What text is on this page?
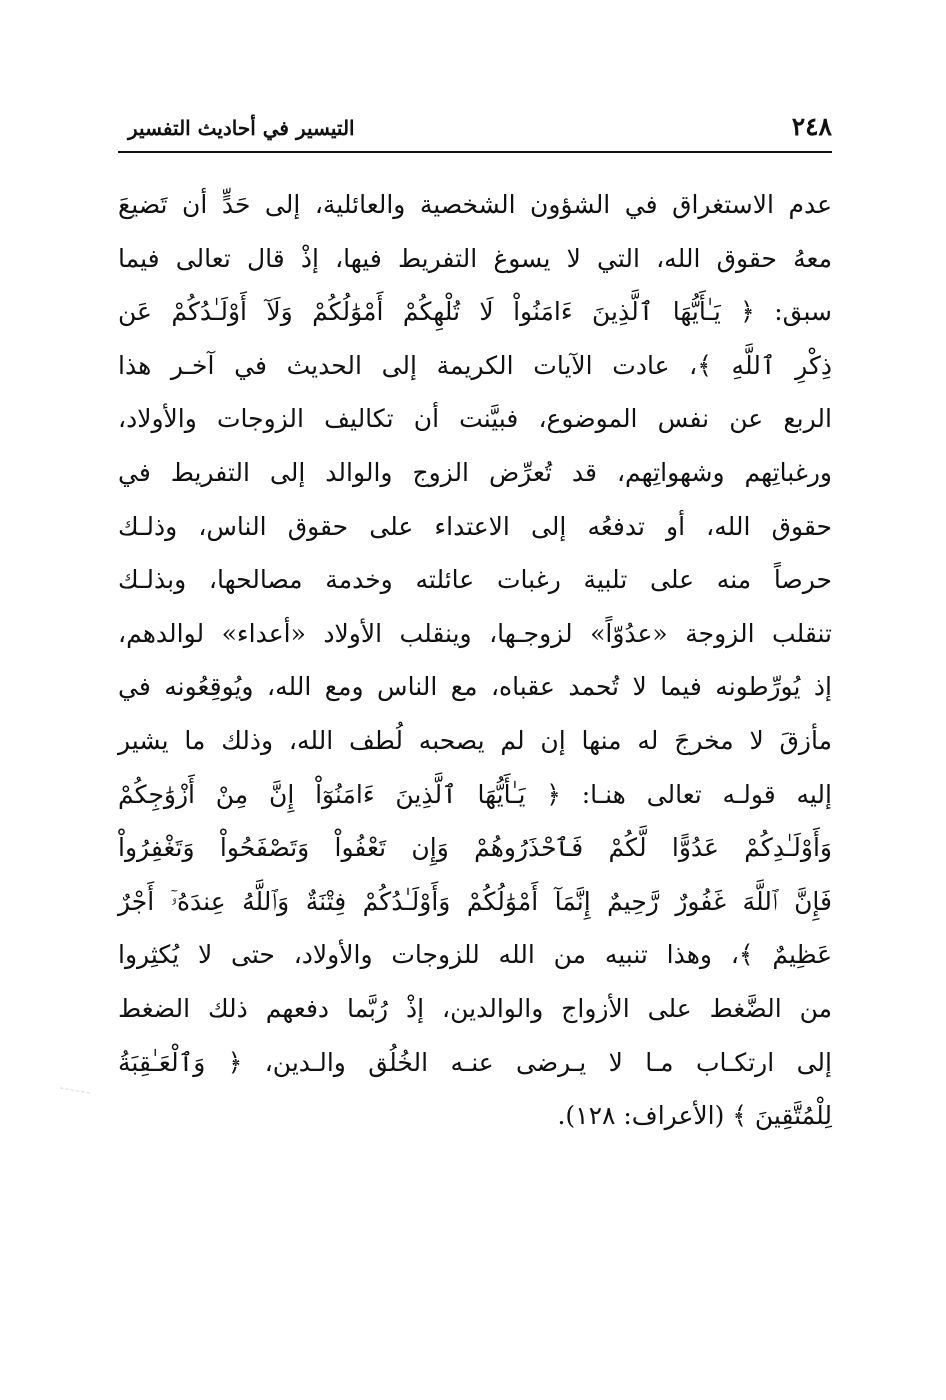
٢٤٨
التيسير في أحاديث التفسير
عدم الاستغراق في الشؤون الشخصية والعائلية، إلى حَدٍّ أن تَضيعَ
معهُ حقوق الله، التي لا يسوغ التفريط فيها، إذْ قال تعالى فيما
سبق: ﴿ يَـٰأَيُّهَا ٱلَّذِينَ ءَامَنُواْ لَا تُلْهِكُمْ أَمْوَٰلُكُمْ وَلَآ أَوْلَـٰدُكُمْ عَن
ذِكْرِ ٱللَّهِ ﴾، عادت الآيات الكريمة إلى الحديث في آخـر هذا
الربع عن نفس الموضوع، فبيَّنت أن تكاليف الزوجات والأولاد،
ورغباتِهم وشهواتِهم، قد تُعرِّض الزوج والوالد إلى التفريط في
حقوق الله، أو تدفعُه إلى الاعتداء على حقوق الناس، وذلـك
حرصاً منه على تلبية رغبات عائلته وخدمة مصالحها، وبذلـك
تنقلب الزوجة «عدُوّاً» لزوجـها، وينقلب الأولاد «أعداء» لوالدهم،
إذ يُورِّطونه فيما لا تُحمد عقباه، مع الناس ومع الله، ويُوقِعُونه في
مأزقَ لا مخرجَ له منها إن لم يصحبه لُطف الله، وذلك ما يشير
إليه قولـه تعالى هنـا: ﴿ يَـٰأَيُّهَا ٱلَّذِينَ ءَامَنُوٓاْ إِنَّ مِنْ أَزْوَٰجِكُمْ
وَأَوْلَـٰدِكُمْ عَدُوًّا لَّكُمْ فَٱحْذَرُوهُمْ وَإِن تَعْفُواْ وَتَصْفَحُواْ وَتَغْفِرُواْ
فَإِنَّ ٱللَّهَ غَفُورٌ رَّحِيمٌ إِنَّمَآ أَمْوَٰلُكُمْ وَأَوْلَـٰدُكُمْ فِتْنَةٌ وَٱللَّهُ عِندَهُۥٓ أَجْرٌ
عَظِيمٌ ﴾، وهذا تنبيه من الله للزوجات والأولاد، حتى لا يُكثِروا
من الضَّغط على الأزواج والوالدين، إذْ رُبَّما دفعهم ذلك الضغط
إلى ارتكـاب مـا لا يـرضى عنـه الخُلُق والـدين، ﴿ وَٱلْعَـٰقِبَةُ
لِلْمُتَّقِينَ ﴾ (الأعراف: ١٢٨).
